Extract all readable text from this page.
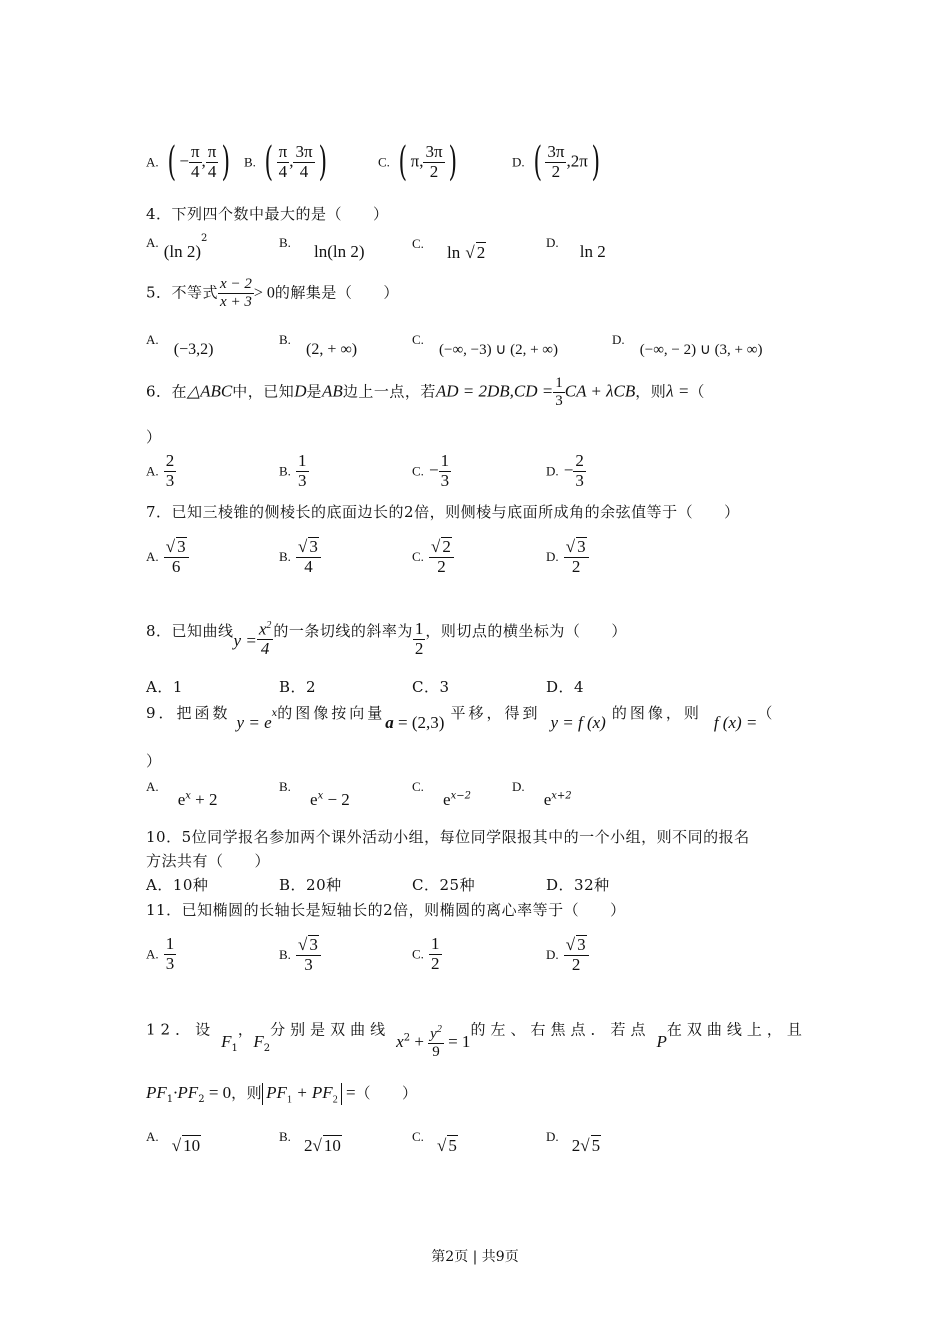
A. ( − $\frac{\pi}{4}$ , $\frac{\pi}{4}$ ) B. ( $\frac{\pi}{4}$ , $\frac{3\pi}{4}$ )	C. ( π, $\frac{3\pi}{2}$ )	D. ( $\frac{3\pi}{2} ,2\pi$)
4．下列四个数中最大的是（　　）
A. (ln 2)$^2$	B. ln(ln 2)	C. ln √ 2
D. ln 2
5．不等式 $\frac{x - 2}{x + 3} > 0$的解集是（　　）
A. (−3,2)
B. (2, + ∞)
C. (−∞, −3) ∪ (2, + ∞)
D. (−∞, − 2) ∪ (3, + ∞)
6．在△ABC中，已知D是AB边上一点，若AD = $2DB,CD = \frac{1}{3}$ CA + λCB，则λ =（
）
A. $\frac{2}{3}$	B. $\frac{1}{3}$	C. − $\frac{1}{3}$	D. − $\frac{2}{3}$
7．已知三棱锥的侧棱长的底面边长的2倍，则侧棱与底面所成角的余弦值等于（　　）
A. $\frac{√ 3}{6}$	B. $\frac{√ 3}{4}$	C. $\frac{√ 2}{2}$	D. $\frac{√ 3}{2}$
8．已知曲线$y = \frac{x^2}{4}$ 的一条切线的斜率为 $\frac{1}{2}$ ，则切点的横坐标为（　　）
A．1	B．2	C．3	D．4
9．把函数 $y = e^x$的图像按向量a = (2,3) 平移，得到 y = f (x) 的图像，则 f (x) =（
）
A. $e^x + 2$
B. $e^x - 2$
C. $e^{x-2}$
D. $e^{x+2}$
10．5位同学报名参加两个课外活动小组，每位同学限报其中的一个小组，则不同的报名
方法共有（　　）
A．10种	B．20种	C．25种	D．32种
11．已知椭圆的长轴长是短轴长的2倍，则椭圆的离心率等于（　　）
A. $\frac{1}{3}$	B. $\frac{√ 3}{3}$	C. $\frac{1}{2}$	D. $\frac{√ 3}{2}$
12．设$F_1$，$F_2$分别是双曲线$x^2 + \frac{y^2}{9} = 1$的左、右焦点．若点P在双曲线上，且
$PF_1\cdot PF_2 = 0$，则 $PF_1 + PF_2$ =（　　）
A. √ 10	B. 2√ 10	C. √ 5	D. 2√ 5
第2页 | 共9页
